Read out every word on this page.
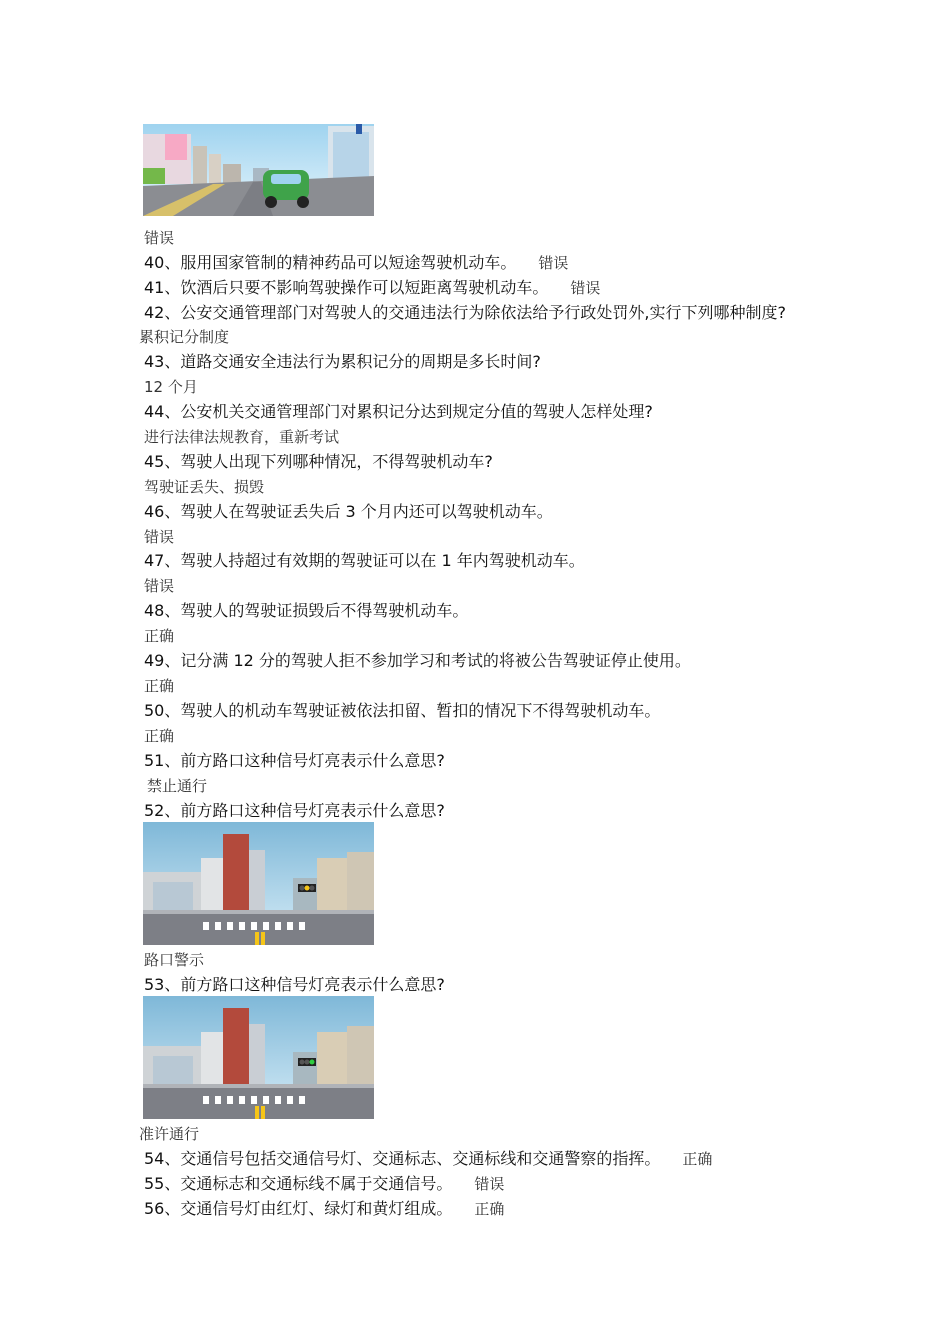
错误
40、服用国家管制的精神药品可以短途驾驶机动车。 错误
41、饮酒后只要不影响驾驶操作可以短距离驾驶机动车。 错误
42、公安交通管理部门对驾驶人的交通违法行为除依法给予行政处罚外,实行下列哪种制度?
累积记分制度
43、道路交通安全违法行为累积记分的周期是多长时间?
12 个月
44、公安机关交通管理部门对累积记分达到规定分值的驾驶人怎样处理?
进行法律法规教育，重新考试
45、驾驶人出现下列哪种情况，不得驾驶机动车?
驾驶证丢失、损毁
46、驾驶人在驾驶证丢失后 3 个月内还可以驾驶机动车。
错误
47、驾驶人持超过有效期的驾驶证可以在 1 年内驾驶机动车。
错误
48、驾驶人的驾驶证损毁后不得驾驶机动车。
正确
49、记分满 12 分的驾驶人拒不参加学习和考试的将被公告驾驶证停止使用。
正确
50、驾驶人的机动车驾驶证被依法扣留、暂扣的情况下不得驾驶机动车。
正确
51、前方路口这种信号灯亮表示什么意思?
禁止通行
52、前方路口这种信号灯亮表示什么意思?
路口警示
53、前方路口这种信号灯亮表示什么意思?
准许通行
54、交通信号包括交通信号灯、交通标志、交通标线和交通警察的指挥。 正确
55、交通标志和交通标线不属于交通信号。 错误
56、交通信号灯由红灯、绿灯和黄灯组成。 正确
